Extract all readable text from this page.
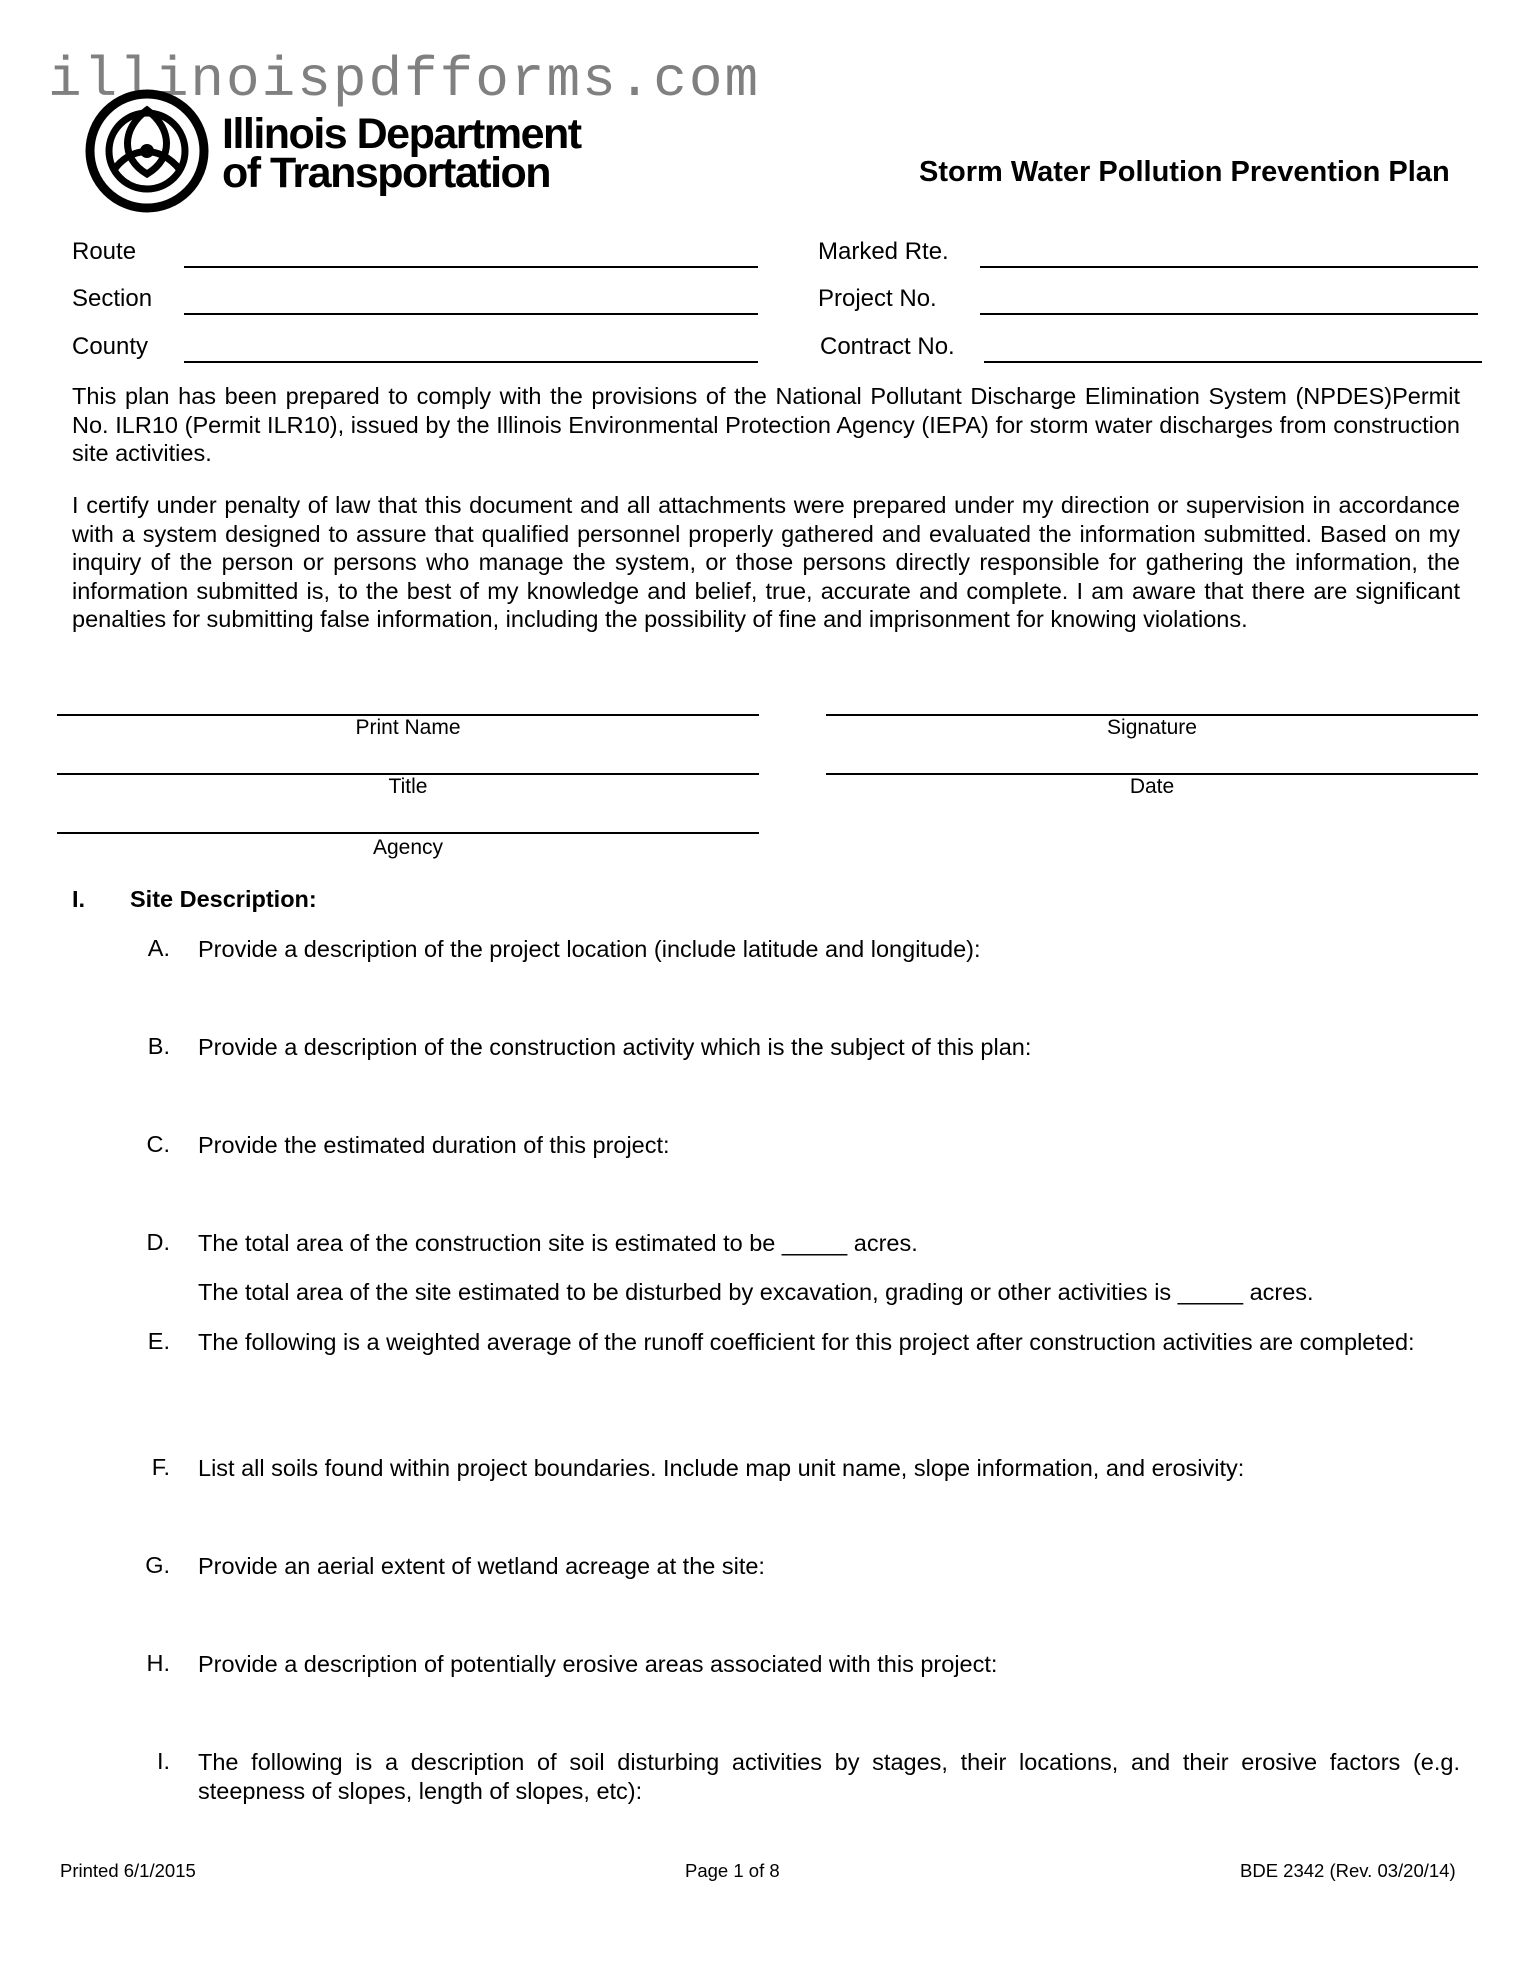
illinoispdfforms.com
Illinois Department
of Transportation	Storm Water Pollution Prevention Plan
Route	Marked Rte.
Section	Project No.
County	Contract No.
This plan has been prepared to comply with the provisions of the National Pollutant Discharge Elimination System (NPDES)Permit No. ILR10 (Permit ILR10), issued by the Illinois Environmental Protection Agency (IEPA) for storm water discharges from construction site activities.
I certify under penalty of law that this document and all attachments were prepared under my direction or supervision in accordance with a system designed to assure that qualified personnel properly gathered and evaluated the information submitted. Based on my inquiry of the person or persons who manage the system, or those persons directly responsible for gathering the information, the information submitted is, to the best of my knowledge and belief, true, accurate and complete. I am aware that there are significant penalties for submitting false information, including the possibility of fine and imprisonment for knowing violations.
Print Name	Signature
Title	Date
Agency
I. Site Description:
A. Provide a description of the project location (include latitude and longitude):
B. Provide a description of the construction activity which is the subject of this plan:
C. Provide the estimated duration of this project:
D. The total area of the construction site is estimated to be _____ acres.
The total area of the site estimated to be disturbed by excavation, grading or other activities is _____ acres.
E. The following is a weighted average of the runoff coefficient for this project after construction activities are completed:
F. List all soils found within project boundaries. Include map unit name, slope information, and erosivity:
G. Provide an aerial extent of wetland acreage at the site:
H. Provide a description of potentially erosive areas associated with this project:
I. The following is a description of soil disturbing activities by stages, their locations, and their erosive factors (e.g. steepness of slopes, length of slopes, etc):
Printed 6/1/2015	Page 1 of 8	BDE 2342 (Rev. 03/20/14)
